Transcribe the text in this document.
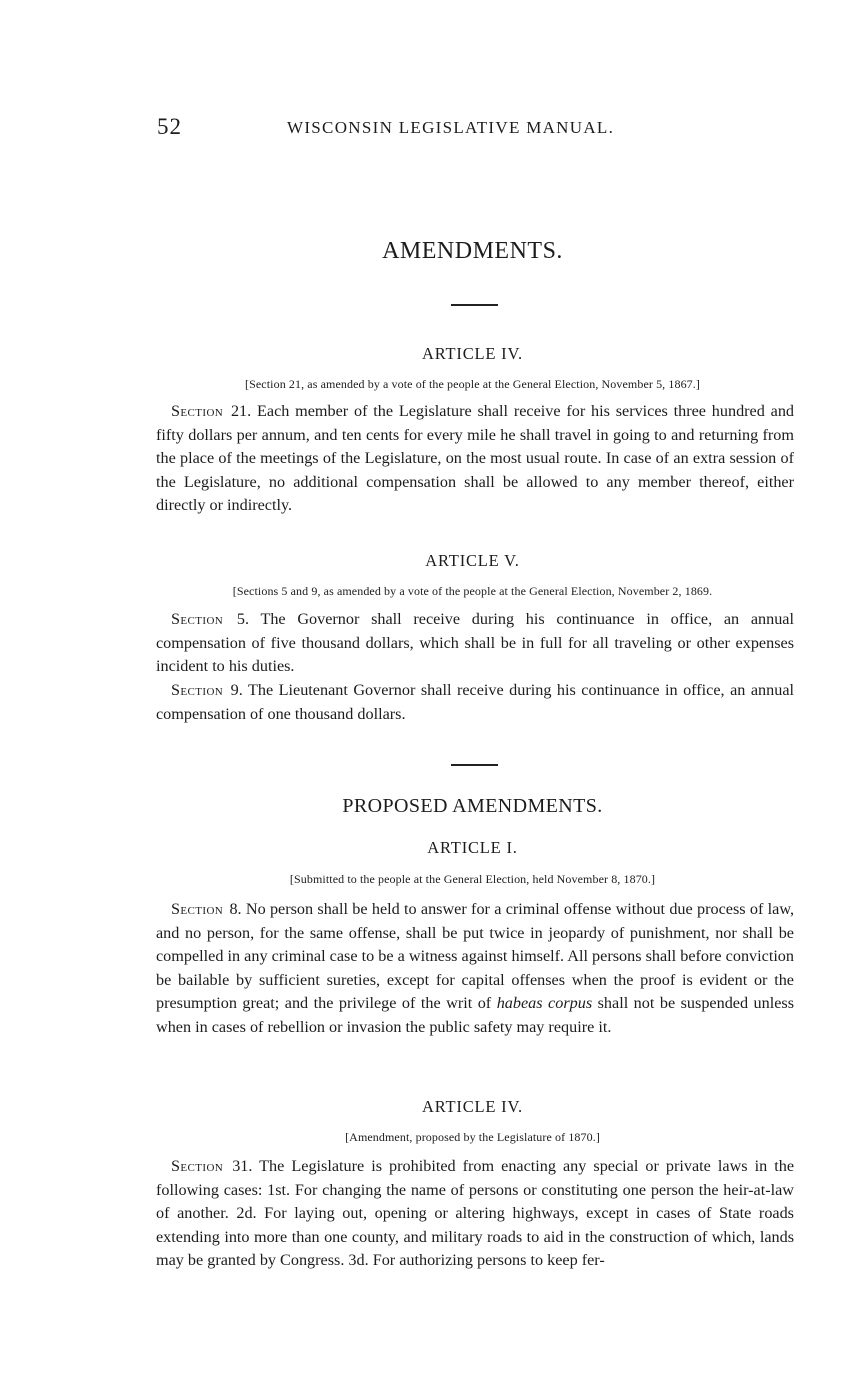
52	WISCONSIN LEGISLATIVE MANUAL.
AMENDMENTS.
ARTICLE IV.
[Section 21, as amended by a vote of the people at the General Election, November 5, 1867.]

Section 21. Each member of the Legislature shall receive for his services three hundred and fifty dollars per annum, and ten cents for every mile he shall travel in going to and returning from the place of the meetings of the Legislature, on the most usual route. In case of an extra session of the Legislature, no additional compensation shall be allowed to any member thereof, either directly or indirectly.

ARTICLE V.
[Sections 5 and 9, as amended by a vote of the people at the General Election, November 2, 1869.

Section 5. The Governor shall receive during his continuance in office, an annual compensation of five thousand dollars, which shall be in full for all traveling or other expenses incident to his duties.

Section 9. The Lieutenant Governor shall receive during his continuance in office, an annual compensation of one thousand dollars.

PROPOSED AMENDMENTS.
ARTICLE I.
[Submitted to the people at the General Election, held November 8, 1870.]

Section 8. No person shall be held to answer for a criminal offense without due process of law, and no person, for the same offense, shall be put twice in jeopardy of punishment, nor shall be compelled in any criminal case to be a witness against himself. All persons shall before conviction be bailable by sufficient sureties, except for capital offenses when the proof is evident or the presumption great; and the privilege of the writ of habeas corpus shall not be suspended unless when in cases of rebellion or invasion the public safety may require it.

ARTICLE IV.
[Amendment, proposed by the Legislature of 1870.]

Section 31. The Legislature is prohibited from enacting any special or private laws in the following cases: 1st. For changing the name of persons or constituting one person the heir-at-law of another. 2d. For laying out, opening or altering highways, except in cases of State roads extending into more than one county, and military roads to aid in the construction of which, lands may be granted by Congress. 3d. For authorizing persons to keep fer-
